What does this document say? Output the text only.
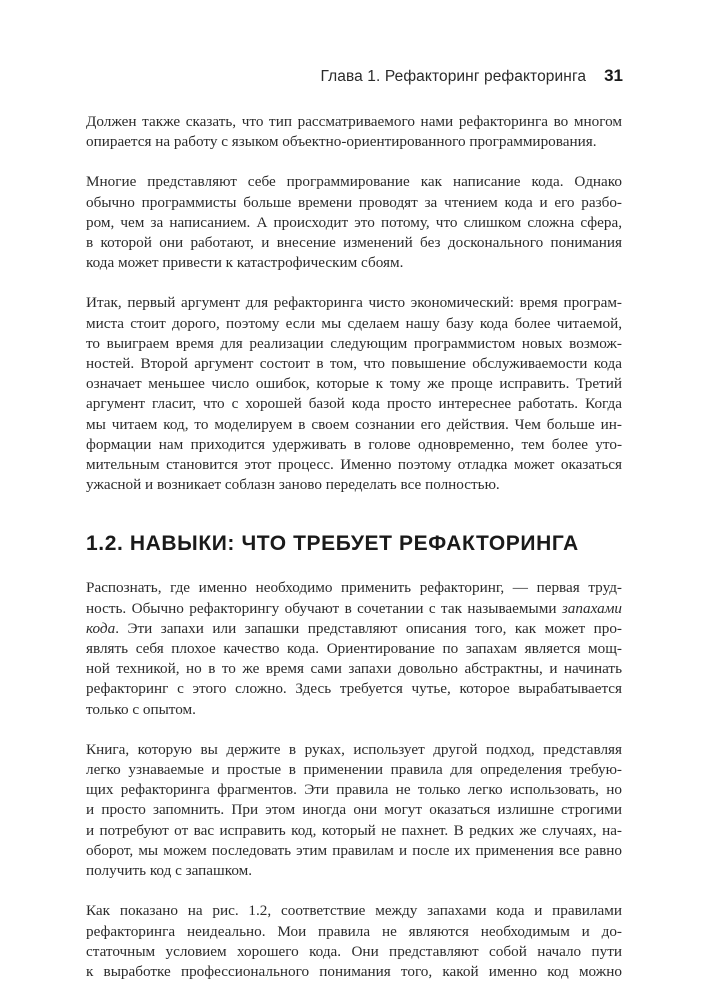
Глава 1. Рефакторинг рефакторинга 31

Должен также сказать, что тип рассматриваемого нами рефакторинга во многом
опирается на работу с языком объектно-ориентированного программирования.

Многие представляют себе программирование как написание кода. Однако
обычно программисты больше времени проводят за чтением кода и его разбо-
ром, чем за написанием. А происходит это потому, что слишком сложна сфера,
в которой они работают, и внесение изменений без досконального понимания
кода может привести к катастрофическим сбоям.

Итак, первый аргумент для рефакторинга чисто экономический: время програм-
миста стоит дорого, поэтому если мы сделаем нашу базу кода более читаемой,
то выиграем время для реализации следующим программистом новых возмож-
ностей. Второй аргумент состоит в том, что повышение обслуживаемости кода
означает меньшее число ошибок, которые к тому же проще исправить. Третий
аргумент гласит, что с хорошей базой кода просто интереснее работать. Когда
мы читаем код, то моделируем в своем сознании его действия. Чем больше ин-
формации нам приходится удерживать в голове одновременно, тем более уто-
мительным становится этот процесс. Именно поэтому отладка может оказаться
ужасной и возникает соблазн заново переделать все полностью.

1.2. НАВЫКИ: ЧТО ТРЕБУЕТ РЕФАКТОРИНГА

Распознать, где именно необходимо применить рефакторинг, — первая труд-
ность. Обычно рефакторингу обучают в сочетании с так называемыми запахами
кода. Эти запахи или запашки представляют описания того, как может про-
являть себя плохое качество кода. Ориентирование по запахам является мощ-
ной техникой, но в то же время сами запахи довольно абстрактны, и начинать
рефакторинг с этого сложно. Здесь требуется чутье, которое вырабатывается
только с опытом.

Книга, которую вы держите в руках, использует другой подход, представляя
легко узнаваемые и простые в применении правила для определения требую-
щих рефакторинга фрагментов. Эти правила не только легко использовать, но
и просто запомнить. При этом иногда они могут оказаться излишне строгими
и потребуют от вас исправить код, который не пахнет. В редких же случаях, на-
оборот, мы можем последовать этим правилам и после их применения все равно
получить код с запашком.

Как показано на рис. 1.2, соответствие между запахами кода и правилами
рефакторинга неидеально. Мои правила не являются необходимым и до-
статочным условием хорошего кода. Они представляют собой начало пути
к выработке профессионального понимания того, какой именно код можно
